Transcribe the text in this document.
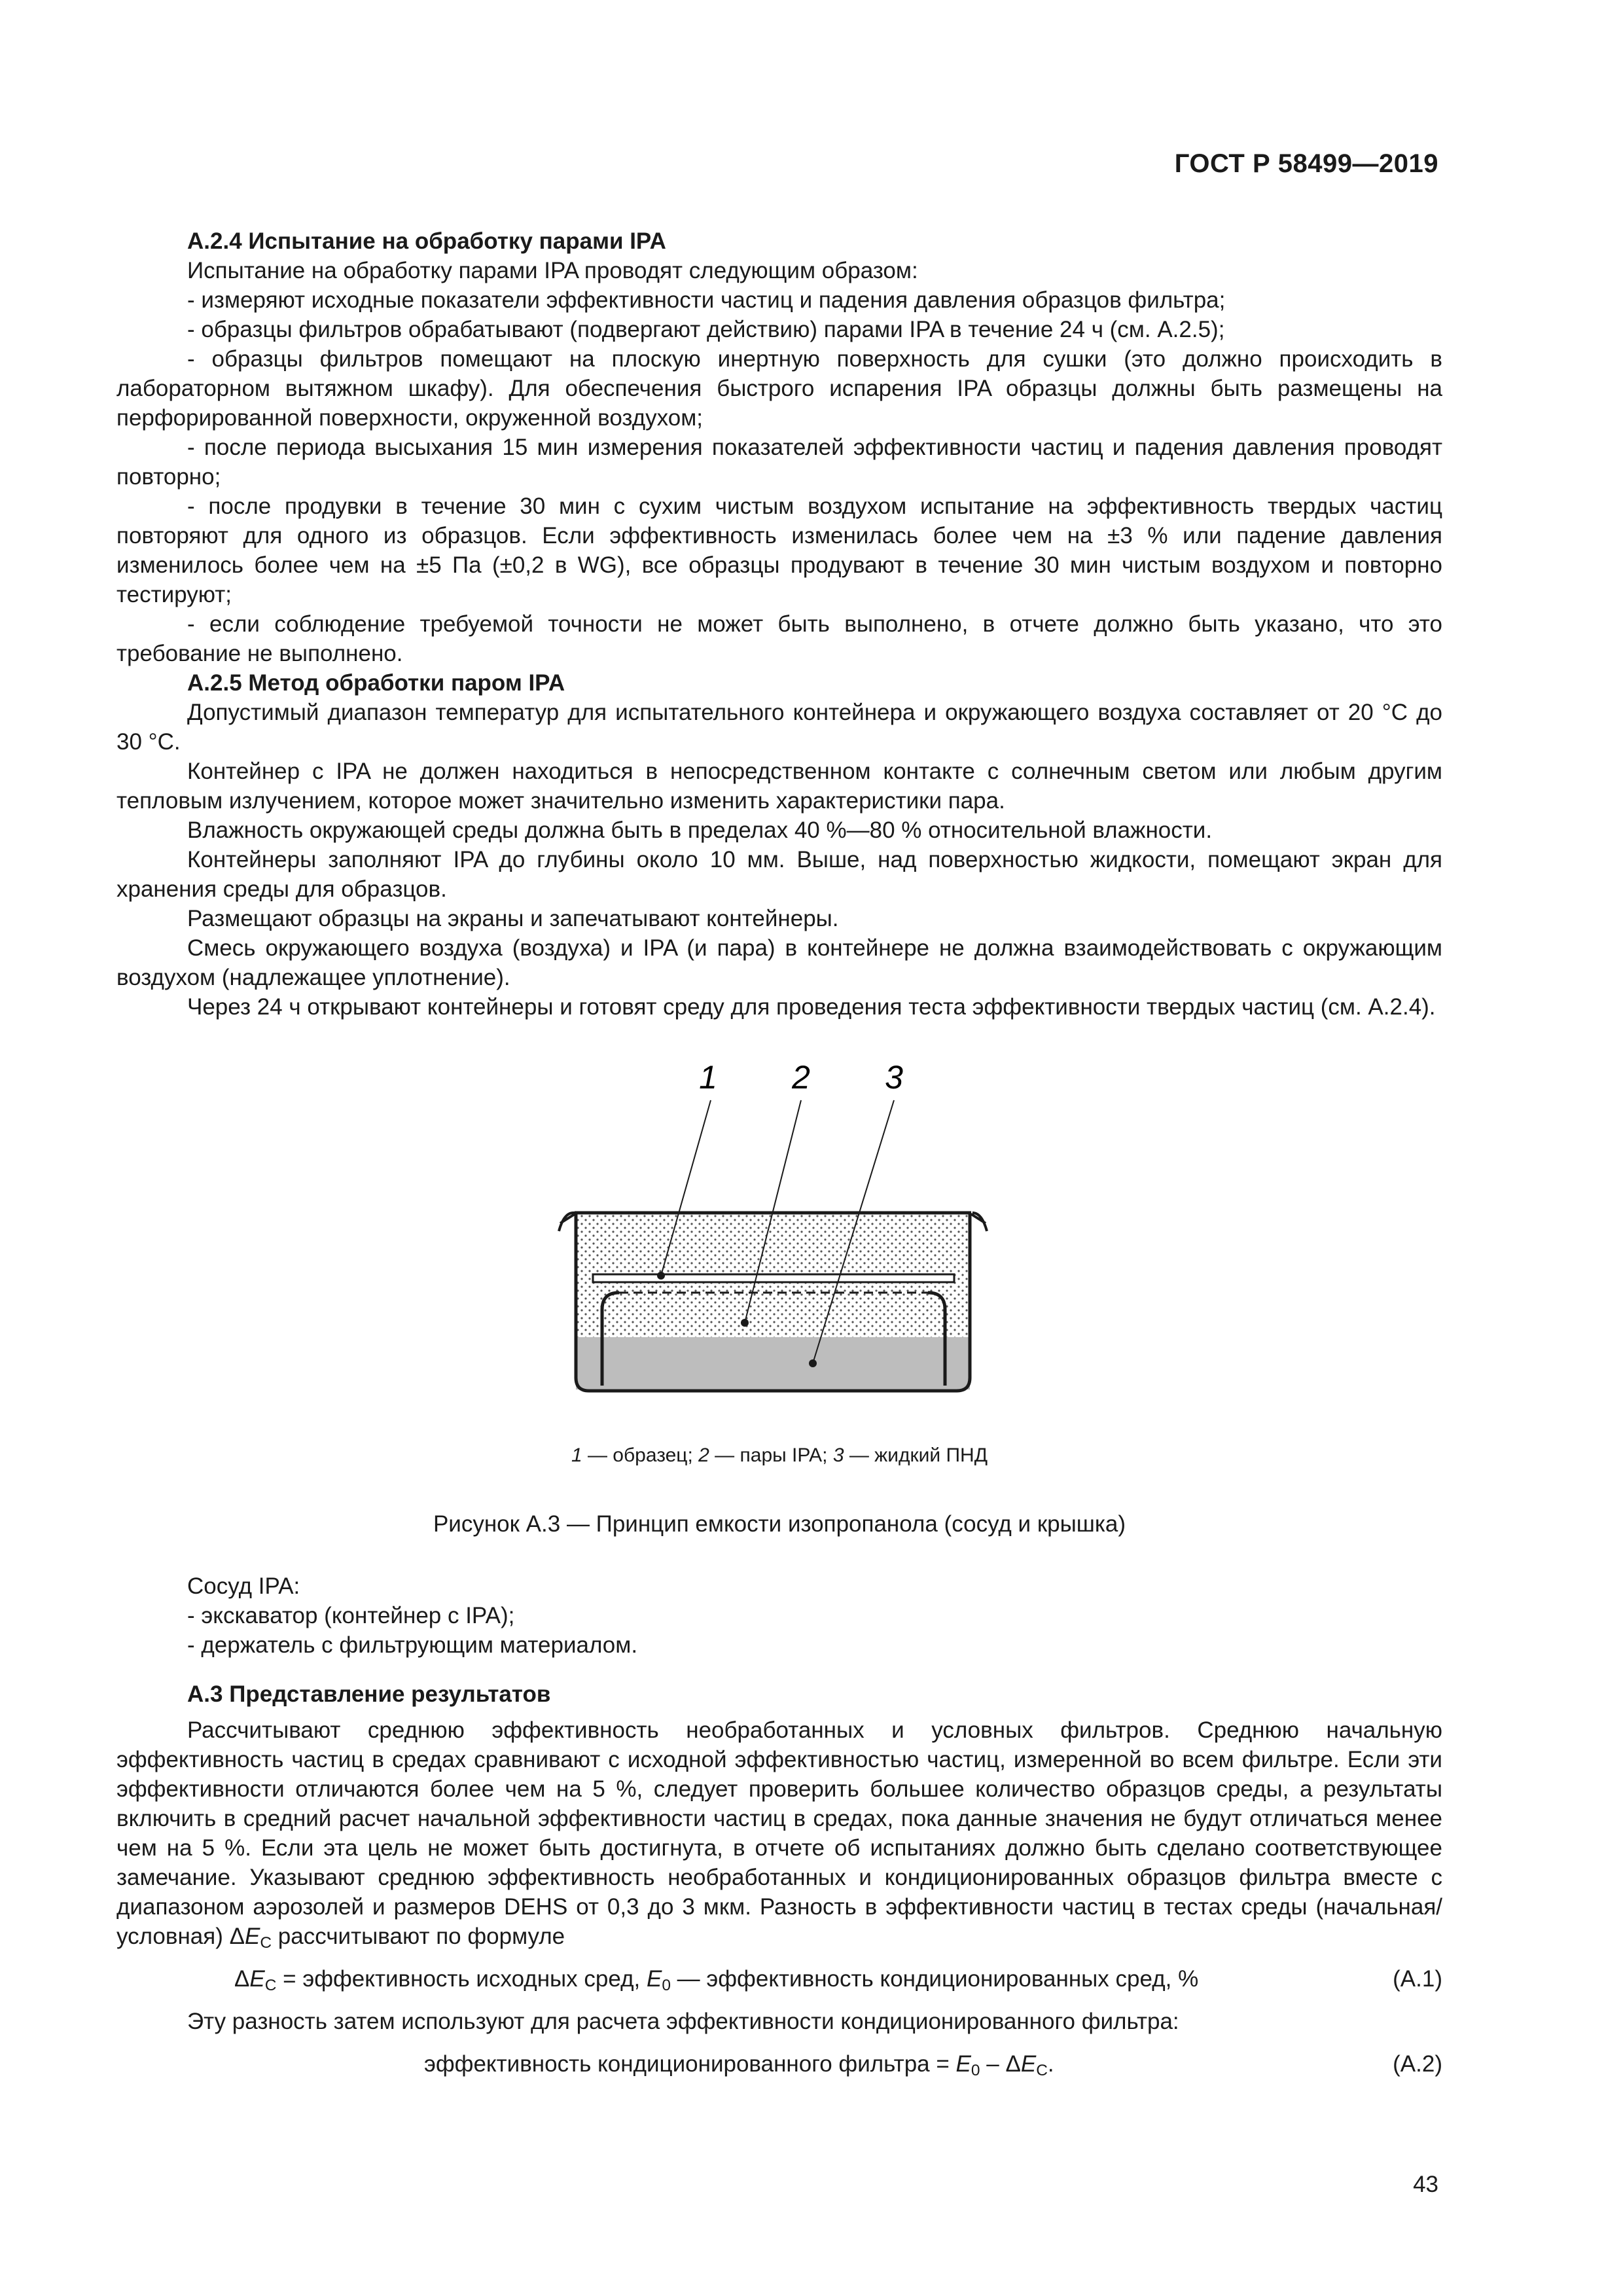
ГОСТ Р 58499—2019

А.2.4 Испытание на обработку парами IPA

Испытание на обработку парами IPA проводят следующим образом:

- измеряют исходные показатели эффективности частиц и падения давления образцов фильтра;

- образцы фильтров обрабатывают (подвергают действию) парами IPA в течение 24 ч (см. А.2.5);

- образцы фильтров помещают на плоскую инертную поверхность для сушки (это должно происходить в лабораторном вытяжном шкафу). Для обеспечения быстрого испарения IPA образцы должны быть размещены на перфорированной поверхности, окруженной воздухом;

- после периода высыхания 15 мин измерения показателей эффективности частиц и падения давления проводят повторно;

- после продувки в течение 30 мин с сухим чистым воздухом испытание на эффективность твердых частиц повторяют для одного из образцов. Если эффективность изменилась более чем на ±3 % или падение давления изменилось более чем на ±5 Па (±0,2 в WG), все образцы продувают в течение 30 мин чистым воздухом и повторно тестируют;

- если соблюдение требуемой точности не может быть выполнено, в отчете должно быть указано, что это требование не выполнено.

А.2.5 Метод обработки паром IPA

Допустимый диапазон температур для испытательного контейнера и окружающего воздуха составляет от 20 °С до 30 °С.

Контейнер с IPA не должен находиться в непосредственном контакте с солнечным светом или любым другим тепловым излучением, которое может значительно изменить характеристики пара.

Влажность окружающей среды должна быть в пределах 40 %—80 % относительной влажности.

Контейнеры заполняют IPA до глубины около 10 мм. Выше, над поверхностью жидкости, помещают экран для хранения среды для образцов.

Размещают образцы на экраны и запечатывают контейнеры.

Смесь окружающего воздуха (воздуха) и IPA (и пара) в контейнере не должна взаимодействовать с окружающим воздухом (надлежащее уплотнение).

Через 24 ч открывают контейнеры и готовят среду для проведения теста эффективности твердых частиц (см. А.2.4).

1 2 3
1 — образец; 2 — пары IPA; 3 — жидкий ПНД
Рисунок А.3 — Принцип емкости изопропанола (сосуд и крышка)

Сосуд IPA:

- экскаватор (контейнер с IPA);

- держатель с фильтрующим материалом.

А.3 Представление результатов

Рассчитывают среднюю эффективность необработанных и условных фильтров. Среднюю начальную эффективность частиц в средах сравнивают с исходной эффективностью частиц, измеренной во всем фильтре. Если эти эффективности отличаются более чем на 5 %, следует проверить большее количество образцов среды, а результаты включить в средний расчет начальной эффективности частиц в средах, пока данные значения не будут отличаться менее чем на 5 %. Если эта цель не может быть достигнута, в отчете об испытаниях должно быть сделано соответствующее замечание. Указывают среднюю эффективность необработанных и кондиционированных образцов фильтра вместе с диапазоном аэрозолей и размеров DEHS от 0,3 до 3 мкм. Разность в эффективности частиц в тестах среды (начальная/условная) $\Delta E_C$ рассчитывают по формуле

$\Delta E_C$ = эффективность исходных сред, $E_0$ — эффективность кондиционированных сред, %	(А.1)

Эту разность затем используют для расчета эффективности кондиционированного фильтра:

эффективность кондиционированного фильтра = $E_0 - \Delta E_C$.	(А.2)
43
